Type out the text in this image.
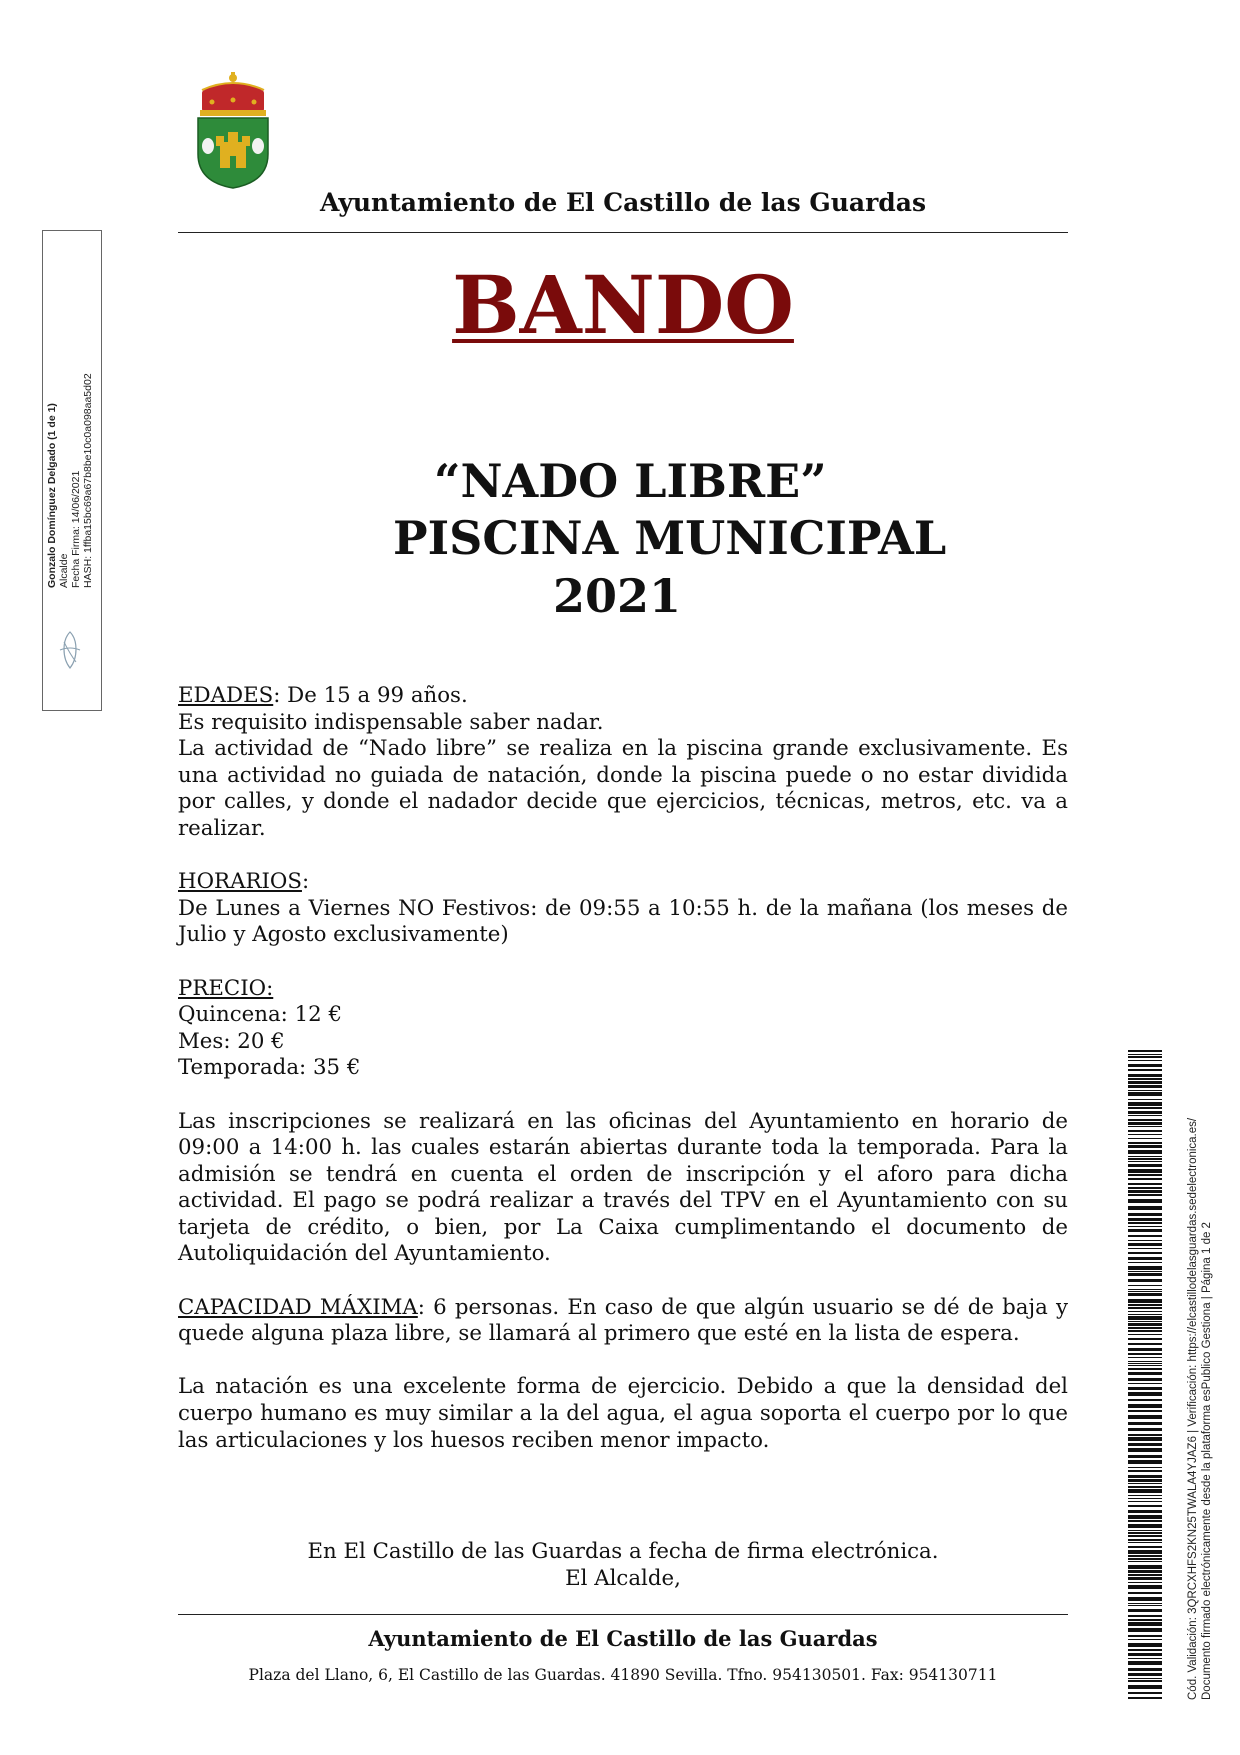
Ayuntamiento de El Castillo de las Guardas
BANDO
“NADO LIBRE”
PISCINA MUNICIPAL
2021

EDADES: De 15 a 99 años.

Es requisito indispensable saber nadar.

La actividad de “Nado libre” se realiza en la piscina grande exclusivamente. Es una actividad no guiada de natación, donde la piscina puede o no estar dividida por calles, y donde el nadador decide que ejercicios, técnicas, metros, etc. va a realizar.

HORARIOS:

De Lunes a Viernes NO Festivos: de 09:55 a 10:55 h. de la mañana (los meses de Julio y Agosto exclusivamente)

PRECIO:

Quincena: 12 €

Mes: 20 €

Temporada: 35 €

Las inscripciones se realizará en las oficinas del Ayuntamiento en horario de 09:00 a 14:00 h. las cuales estarán abiertas durante toda la temporada. Para la admisión se tendrá en cuenta el orden de inscripción y el aforo para dicha actividad. El pago se podrá realizar a través del TPV en el Ayuntamiento con su tarjeta de crédito, o bien, por La Caixa cumplimentando el documento de Autoliquidación del Ayuntamiento.

CAPACIDAD MÁXIMA: 6 personas. En caso de que algún usuario se dé de baja y quede alguna plaza libre, se llamará al primero que esté en la lista de espera.

La natación es una excelente forma de ejercicio. Debido a que la densidad del cuerpo humano es muy similar a la del agua, el agua soporta el cuerpo por lo que las articulaciones y los huesos reciben menor impacto.

En El Castillo de las Guardas a fecha de firma electrónica.
El Alcalde,
Ayuntamiento de El Castillo de las Guardas
Plaza del Llano, 6, El Castillo de las Guardas. 41890 Sevilla. Tfno. 954130501. Fax: 954130711
Gonzalo Domínguez Delgado (1 de 1) Alcalde Fecha Firma: 14/06/2021 HASH: 1ffba15bc69a67b8be10c0a098aa5d02
Cód. Validación: 3QRCXHFS2KN25TWALA4YJAZ6 | Verificación: https://elcastillodelasguardas.sedelectronica.es/ Documento firmado electrónicamente desde la plataforma esPublico Gestiona | Página 1 de 2
